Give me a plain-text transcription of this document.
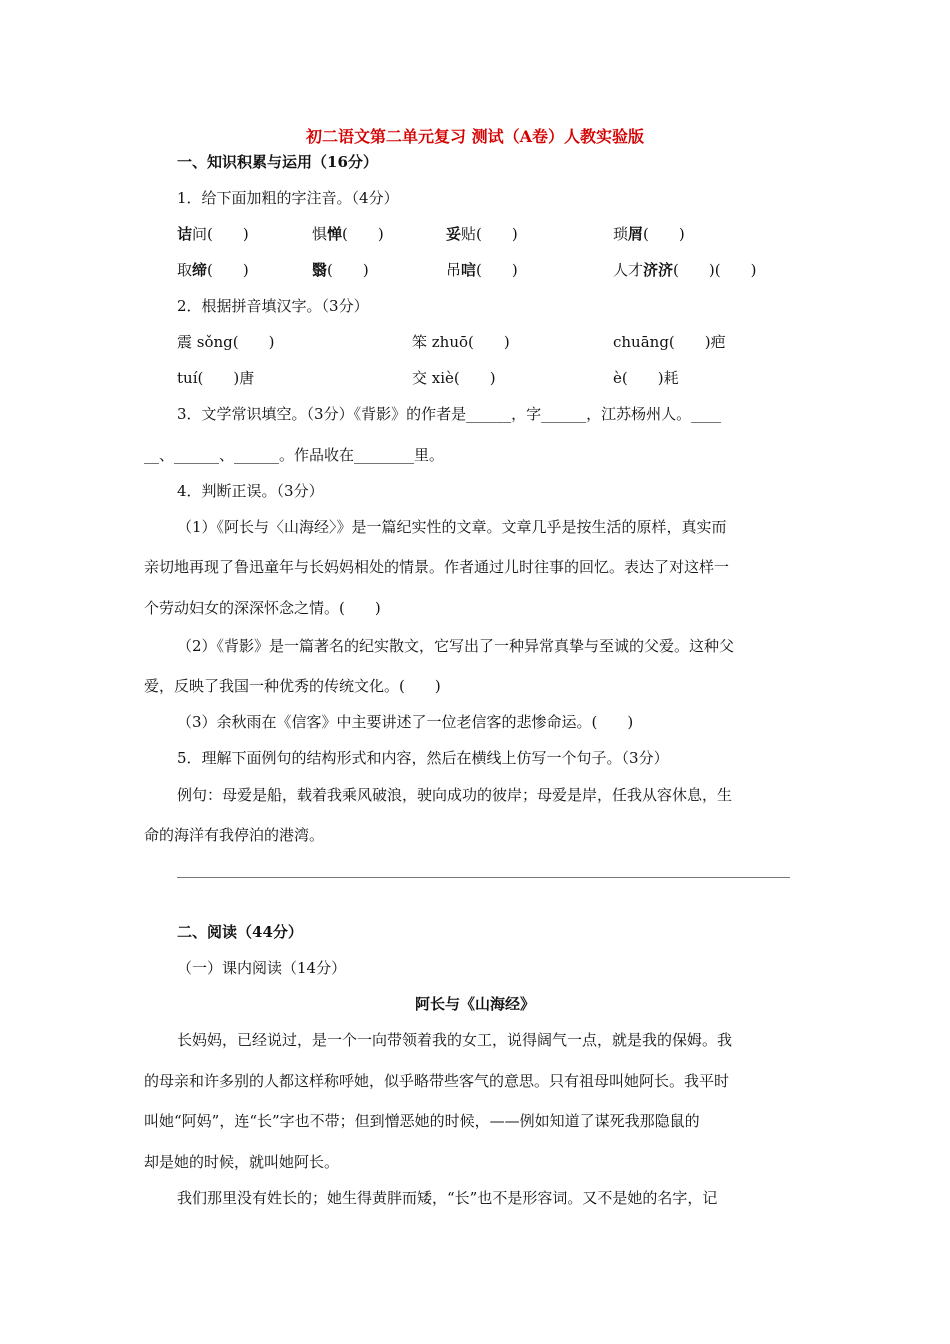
初二语文第二单元复习 测试（A卷）人教实验版
一、知识积累与运用（16分）
1．给下面加粗的字注音。（4分）
诘问(　　)	惧惮(　　)	妥贴(　　)	琐屑(　　)
取缔(　　)	翳(　　)	吊唁(　　)	人才济济(　　)(　　)
2．根据拼音填汉字。（3分）
震 sǒng(　　)	笨 zhuō(　　)	chuāng(　　)疤
tuí(　　)唐	交 xiè(　　)	è(　　)耗
3．文学常识填空。（3分）《背影》的作者是______，字______，江苏杨州人。____
__、______、______。作品收在________里。
4．判断正误。（3分）
（1）《阿长与〈山海经〉》是一篇纪实性的文章。文章几乎是按生活的原样，真实而
亲切地再现了鲁迅童年与长妈妈相处的情景。作者通过儿时往事的回忆。表达了对这样一
个劳动妇女的深深怀念之情。(　　)
（2）《背影》是一篇著名的纪实散文，它写出了一种异常真挚与至诚的父爱。这种父
爱，反映了我国一种优秀的传统文化。(　　)
（3）余秋雨在《信客》中主要讲述了一位老信客的悲惨命运。(　　)
5．理解下面例句的结构形式和内容，然后在横线上仿写一个句子。（3分）
例句：母爱是船，载着我乘风破浪，驶向成功的彼岸；母爱是岸，任我从容休息，生
命的海洋有我停泊的港湾。
二、阅读（44分）
（一）课内阅读（14分）
阿长与《山海经》
长妈妈，已经说过，是一个一向带领着我的女工，说得阔气一点，就是我的保姆。我
的母亲和许多别的人都这样称呼她，似乎略带些客气的意思。只有祖母叫她阿长。我平时
叫她“阿妈”，连“长”字也不带；但到憎恶她的时候，——例如知道了谋死我那隐鼠的
却是她的时候，就叫她阿长。
我们那里没有姓长的；她生得黄胖而矮，“长”也不是形容词。又不是她的名字，记
